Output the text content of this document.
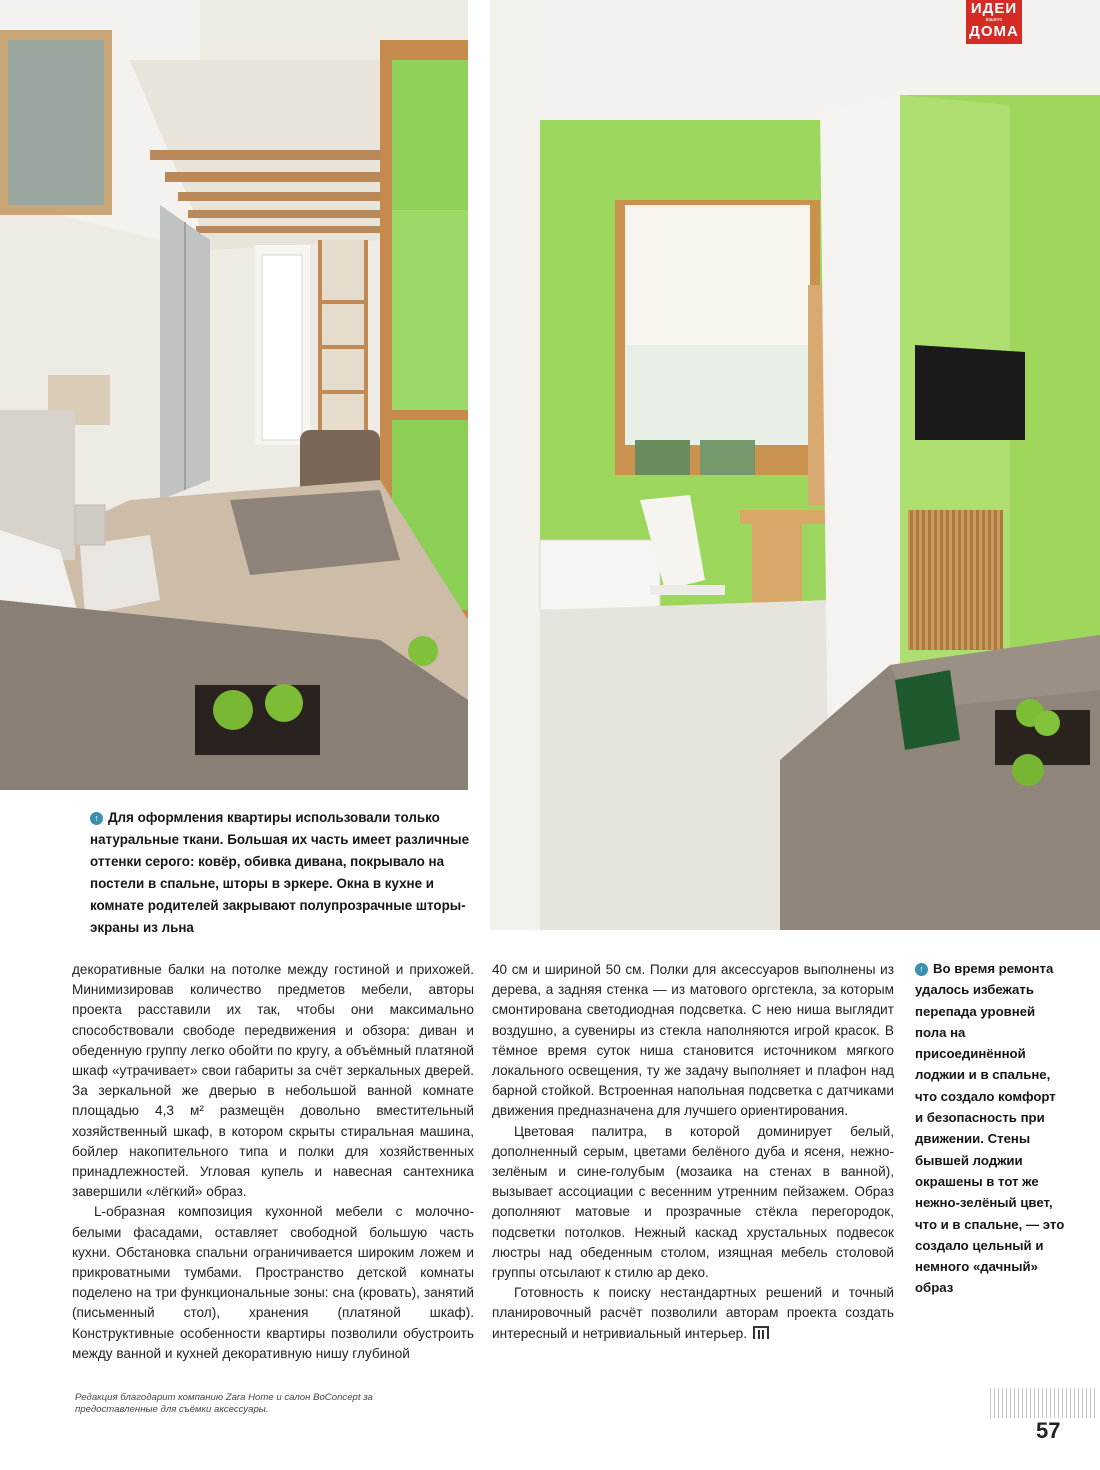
↑ Для оформления квартиры использовали только натуральные ткани. Большая их часть имеет различные оттенки серого: ковёр, обивка дивана, покрывало на постели в спальне, шторы в эркере. Окна в кухне и комнате родителей закрывают полупрозрачные шторы-экраны из льна
ИДЕИ
вашего
ДОМА

декоративные балки на потолке между гостиной и прихожей. Минимизировав количество предметов мебели, авторы проекта расставили их так, чтобы они максимально способствовали свободе передвижения и обзора: диван и обеденную группу легко обойти по кругу, а объёмный платяной шкаф «утрачивает» свои габариты за счёт зеркальных дверей. За зеркальной же дверью в небольшой ванной комнате площадью 4,3 м² размещён довольно вместительный хозяйственный шкаф, в котором скрыты стиральная машина, бойлер накопительного типа и полки для хозяйственных принадлежностей. Угловая купель и навесная сантехника завершили «лёгкий» образ.

L-образная композиция кухонной мебели с молочно-белыми фасадами, оставляет свободной большую часть кухни. Обстановка спальни ограничивается широким ложем и прикроватными тумбами. Пространство детской комнаты поделено на три функциональные зоны: сна (кровать), занятий (письменный стол), хранения (платяной шкаф). Конструктивные особенности квартиры позволили обустроить между ванной и кухней декоративную нишу глубиной

40 см и шириной 50 см. Полки для аксессуаров выполнены из дерева, а задняя стенка — из матового оргстекла, за которым смонтирована светодиодная подсветка. С нею ниша выглядит воздушно, а сувениры из стекла наполняются игрой красок. В тёмное время суток ниша становится источником мягкого локального освещения, ту же задачу выполняет и плафон над барной стойкой. Встроенная напольная подсветка с датчиками движения предназначена для лучшего ориентирования.

Цветовая палитра, в которой доминирует белый, дополненный серым, цветами белёного дуба и ясеня, нежно-зелёным и сине-голубым (мозаика на стенах в ванной), вызывает ассоциации с весенним утренним пейзажем. Образ дополняют матовые и прозрачные стёкла перегородок, подсветки потолков. Нежный каскад хрустальных подвесок люстры над обеденным столом, изящная мебель столовой группы отсылают к стилю ар деко.

Готовность к поиску нестандартных решений и точный планировочный расчёт позволили авторам проекта создать интересный и нетривиальный интерьер.

↑ Во время ремонта удалось избежать перепада уровней пола на присоединённой лоджии и в спальне, что создало комфорт и безопасность при движении. Стены бывшей лоджии окрашены в тот же нежно-зелёный цвет, что и в спальне, — это создало цельный и немного «дачный» образ
Редакция благодарит компанию Zara Home и салон BoConcept за предоставленные для съёмки аксессуары.
57
